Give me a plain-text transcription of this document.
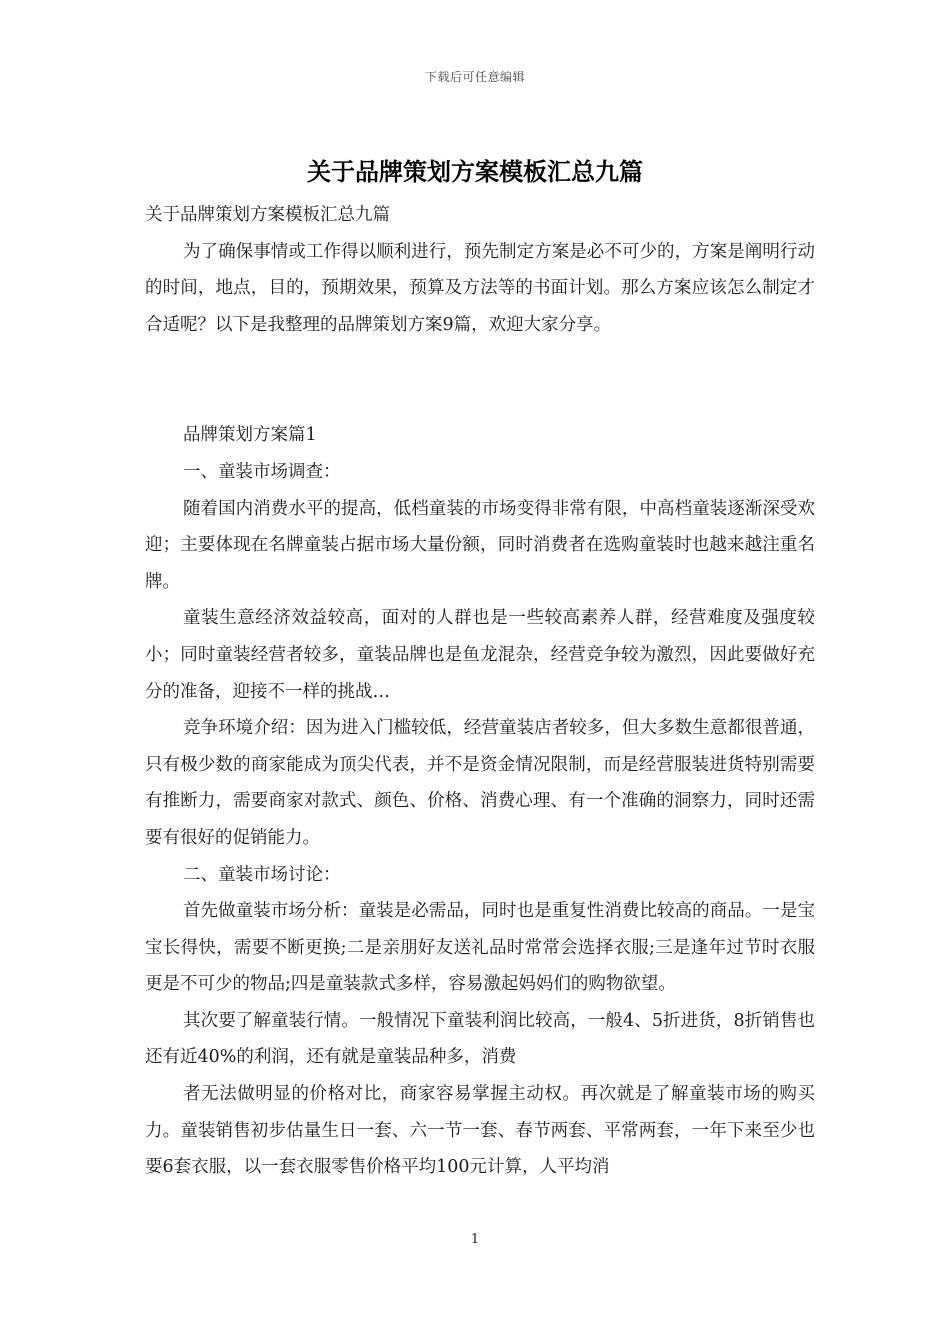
下载后可任意编辑
关于品牌策划方案模板汇总九篇

关于品牌策划方案模板汇总九篇

为了确保事情或工作得以顺利进行，预先制定方案是必不可少的，方案是阐明行动的时间，地点，目的，预期效果，预算及方法等的书面计划。那么方案应该怎么制定才合适呢？以下是我整理的品牌策划方案9篇，欢迎大家分享。

品牌策划方案篇1

一、童装市场调查：

随着国内消费水平的提高，低档童装的市场变得非常有限，中高档童装逐渐深受欢迎；主要体现在名牌童装占据市场大量份额，同时消费者在选购童装时也越来越注重名牌。

童装生意经济效益较高，面对的人群也是一些较高素养人群，经营难度及强度较小；同时童装经营者较多，童装品牌也是鱼龙混杂，经营竞争较为激烈，因此要做好充分的准备，迎接不一样的挑战…

竞争环境介绍：因为进入门槛较低，经营童装店者较多，但大多数生意都很普通，只有极少数的商家能成为顶尖代表，并不是资金情况限制，而是经营服装进货特别需要有推断力，需要商家对款式、颜色、价格、消费心理、有一个准确的洞察力，同时还需要有很好的促销能力。

二、童装市场讨论：

首先做童装市场分析：童装是必需品，同时也是重复性消费比较高的商品。一是宝宝长得快，需要不断更换;二是亲朋好友送礼品时常常会选择衣服;三是逢年过节时衣服更是不可少的物品;四是童装款式多样，容易激起妈妈们的购物欲望。

其次要了解童装行情。一般情况下童装利润比较高，一般4、5折进货，8折销售也还有近40%的利润，还有就是童装品种多，消费

者无法做明显的价格对比，商家容易掌握主动权。再次就是了解童装市场的购买力。童装销售初步估量生日一套、六一节一套、春节两套、平常两套，一年下来至少也要6套衣服，以一套衣服零售价格平均100元计算，人平均消

1
